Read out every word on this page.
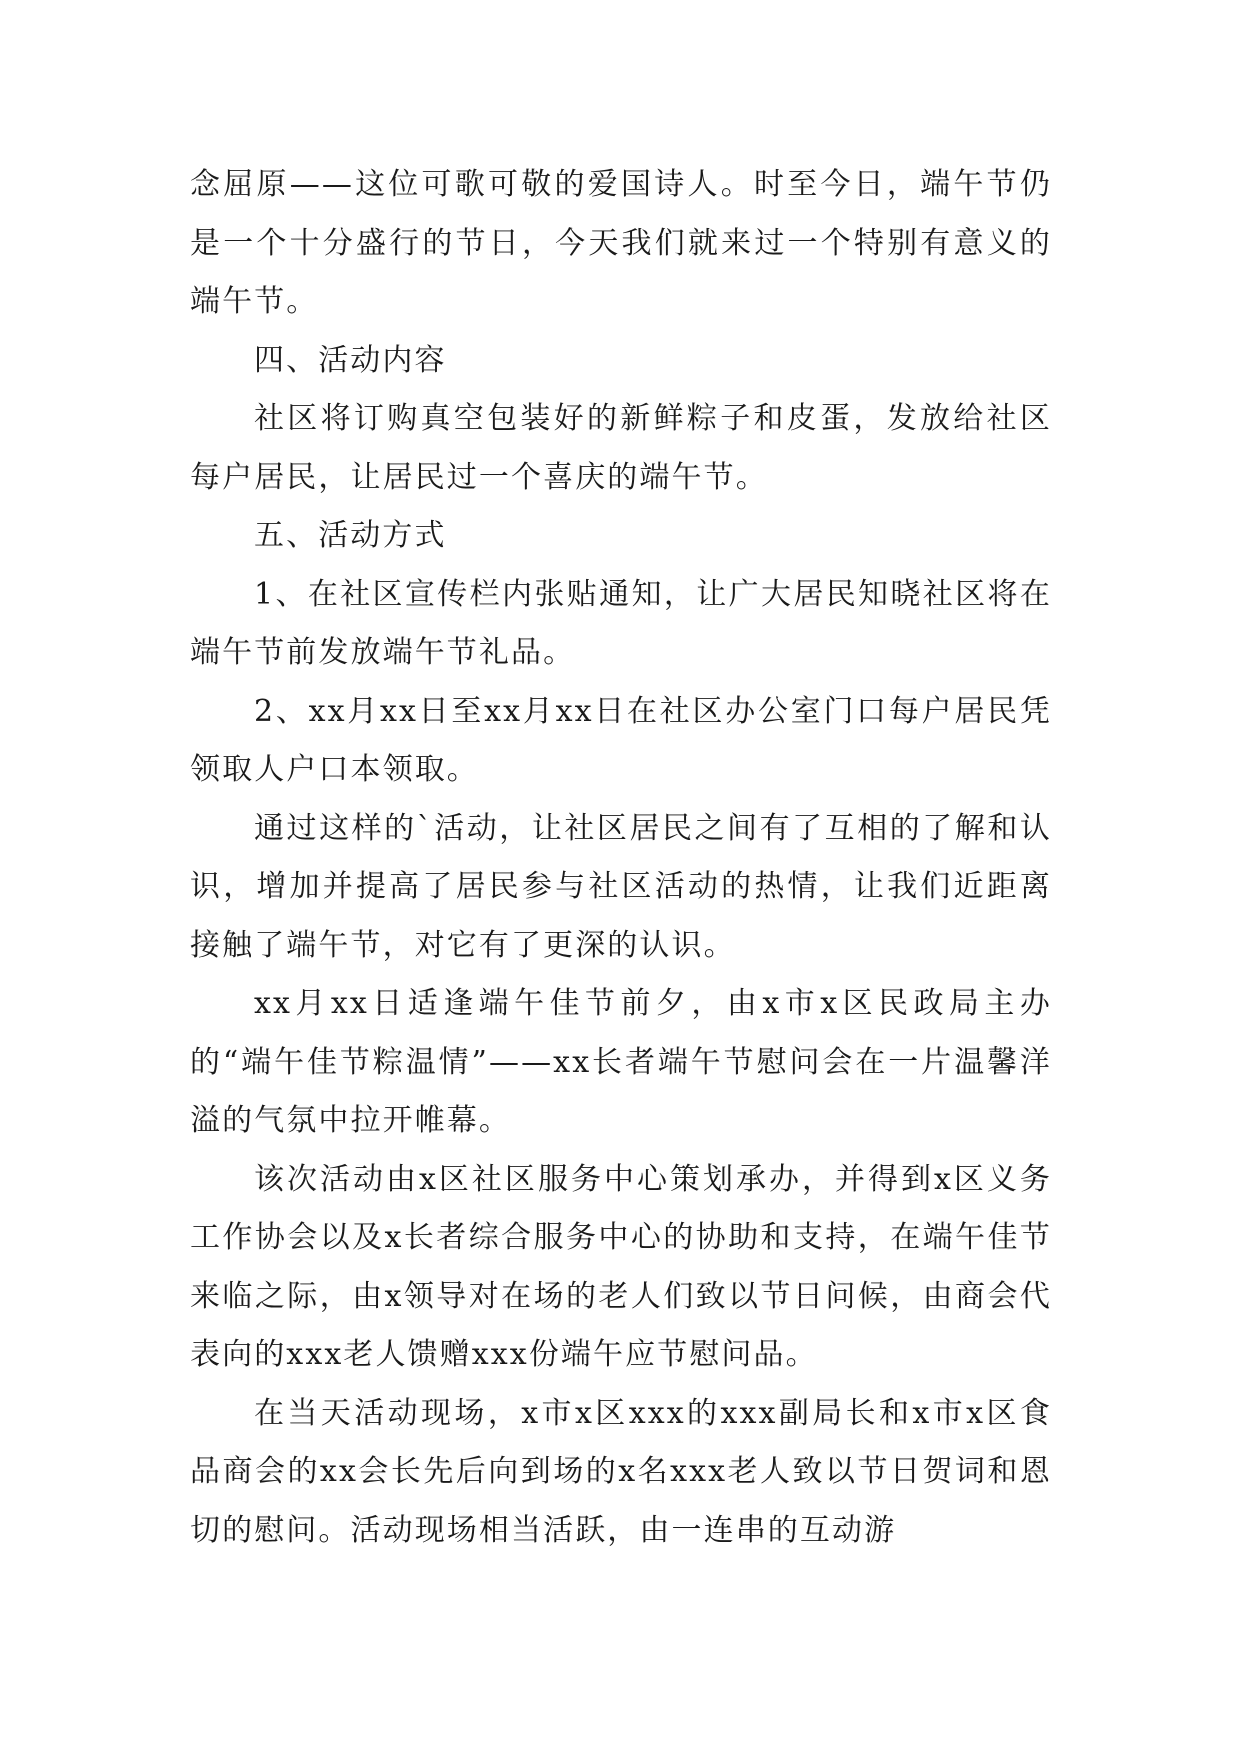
念屈原——这位可歌可敬的爱国诗人。时至今日，端午节仍是一个十分盛行的节日，今天我们就来过一个特别有意义的端午节。

四、活动内容

社区将订购真空包装好的新鲜粽子和皮蛋，发放给社区每户居民，让居民过一个喜庆的端午节。

五、活动方式

1、在社区宣传栏内张贴通知，让广大居民知晓社区将在端午节前发放端午节礼品。

2、xx月xx日至xx月xx日在社区办公室门口每户居民凭领取人户口本领取。

通过这样的`活动，让社区居民之间有了互相的了解和认识，增加并提高了居民参与社区活动的热情，让我们近距离接触了端午节，对它有了更深的认识。

xx月xx日适逢端午佳节前夕，由x市x区民政局主办的“端午佳节粽温情”——xx长者端午节慰问会在一片温馨洋溢的气氛中拉开帷幕。

该次活动由x区社区服务中心策划承办，并得到x区义务工作协会以及x长者综合服务中心的协助和支持，在端午佳节来临之际，由x领导对在场的老人们致以节日问候，由商会代表向的xxx老人馈赠xxx份端午应节慰问品。

在当天活动现场，x市x区xxx的xxx副局长和x市x区食品商会的xx会长先后向到场的x名xxx老人致以节日贺词和恩切的慰问。活动现场相当活跃，由一连串的互动游
